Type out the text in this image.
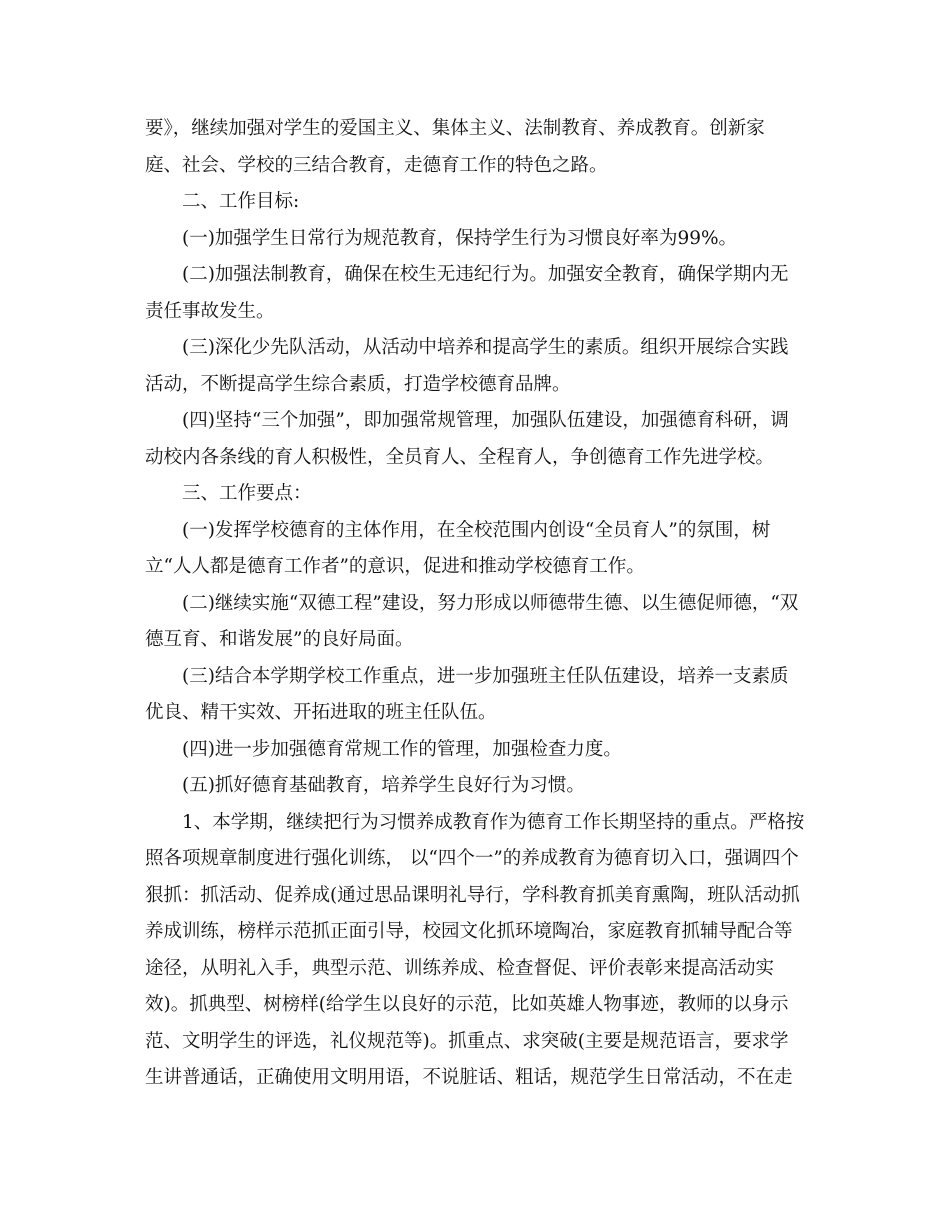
要》，继续加强对学生的爱国主义、集体主义、法制教育、养成教育。创新家
庭、社会、学校的三结合教育，走德育工作的特色之路。
　　二、工作目标:
　　(一)加强学生日常行为规范教育，保持学生行为习惯良好率为99%。
　　(二)加强法制教育，确保在校生无违纪行为。加强安全教育，确保学期内无
责任事故发生。
　　(三)深化少先队活动，从活动中培养和提高学生的素质。组织开展综合实践
活动，不断提高学生综合素质，打造学校德育品牌。
　　(四)坚持“三个加强”，即加强常规管理，加强队伍建设，加强德育科研，调
动校内各条线的育人积极性，全员育人、全程育人，争创德育工作先进学校。
　　三、工作要点：
　　(一)发挥学校德育的主体作用，在全校范围内创设“全员育人”的氛围，树
立“人人都是德育工作者”的意识，促进和推动学校德育工作。
　　(二)继续实施“双德工程”建设，努力形成以师德带生德、以生德促师德，“双
德互育、和谐发展”的良好局面。
　　(三)结合本学期学校工作重点，进一步加强班主任队伍建设，培养一支素质
优良、精干实效、开拓进取的班主任队伍。
　　(四)进一步加强德育常规工作的管理，加强检查力度。
　　(五)抓好德育基础教育，培养学生良好行为习惯。
　　1、本学期，继续把行为习惯养成教育作为德育工作长期坚持的重点。严格按
照各项规章制度进行强化训练， 以“四个一”的养成教育为德育切入口，强调四个
狠抓：抓活动、促养成(通过思品课明礼导行，学科教育抓美育熏陶，班队活动抓
养成训练，榜样示范抓正面引导，校园文化抓环境陶冶，家庭教育抓辅导配合等
途径，从明礼入手，典型示范、训练养成、检查督促、评价表彰来提高活动实
效)。抓典型、树榜样(给学生以良好的示范，比如英雄人物事迹，教师的以身示
范、文明学生的评选，礼仪规范等)。抓重点、求突破(主要是规范语言，要求学
生讲普通话，正确使用文明用语，不说脏话、粗话，规范学生日常活动，不在走
